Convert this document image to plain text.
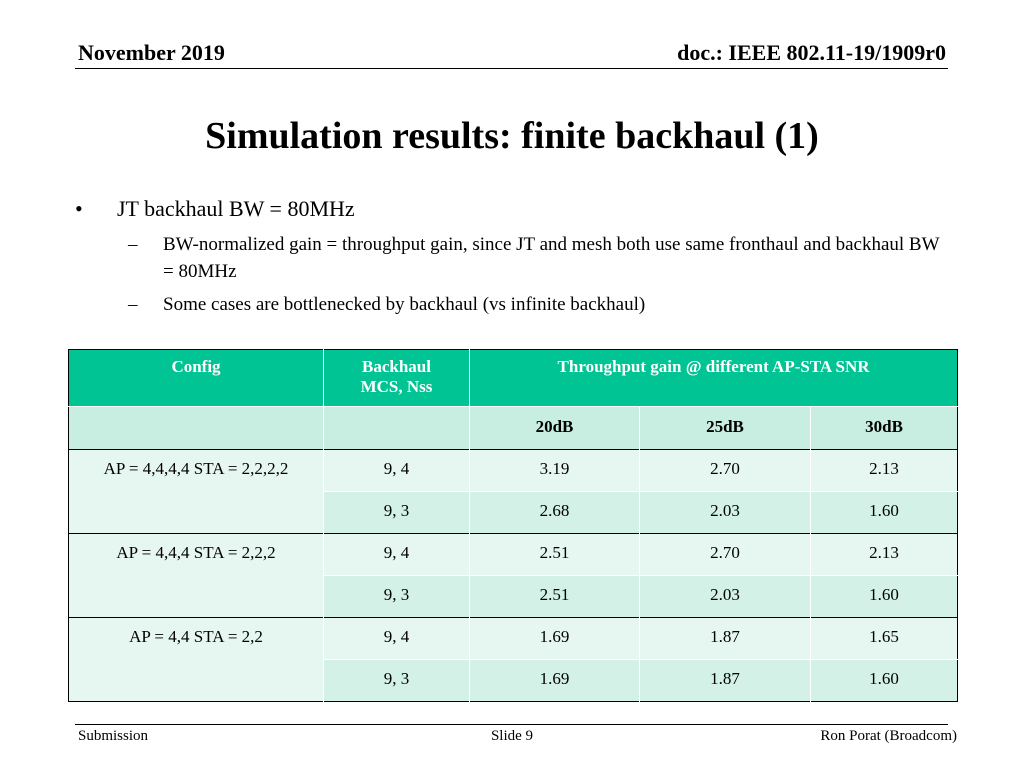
November 2019	doc.: IEEE 802.11-19/1909r0
Simulation results: finite backhaul (1)
• JT backhaul BW = 80MHz
– BW-normalized gain = throughput gain, since JT and mesh both use same fronthaul and backhaul BW = 80MHz
– Some cases are bottlenecked by backhaul (vs infinite backhaul)
Config	Backhaul MCS, Nss	Throughput gain @ different AP-STA SNR		
		20dB	25dB	30dB
AP = 4,4,4,4 STA = 2,2,2,2	9, 4	3.19	2.70	2.13
	9, 3	2.68	2.03	1.60
AP = 4,4,4 STA = 2,2,2	9, 4	2.51	2.70	2.13
	9, 3	2.51	2.03	1.60
AP = 4,4 STA = 2,2	9, 4	1.69	1.87	1.65
	9, 3	1.69	1.87	1.60
Submission	Slide 9	Ron Porat (Broadcom)
